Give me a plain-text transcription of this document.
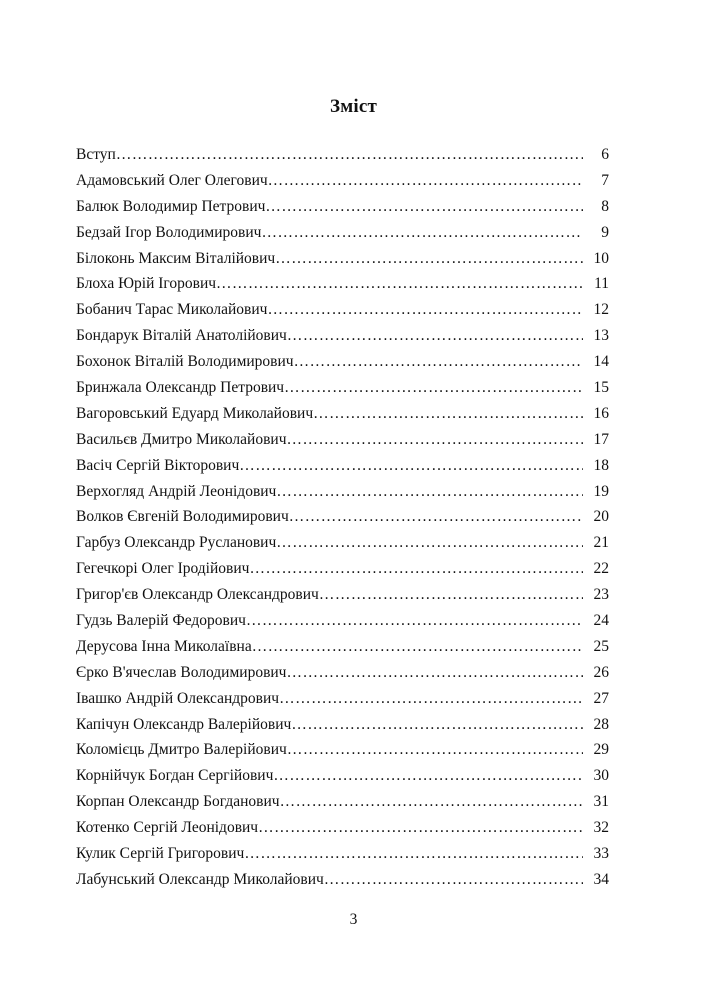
Зміст
Вступ …………………………………………………………………………………………………………………………	6
Адамовський Олег Олегович …………………………………………………………………………………………………………………………	7
Балюк Володимир Петрович …………………………………………………………………………………………………………………………	8
Бедзай Ігор Володимирович …………………………………………………………………………………………………………………………	9
Білоконь Максим Віталійович …………………………………………………………………………………………………………………………	10
Блоха Юрій Ігорович …………………………………………………………………………………………………………………………	11
Бобанич Тарас Миколайович …………………………………………………………………………………………………………………………	12
Бондарук Віталій Анатолійович …………………………………………………………………………………………………………………………	13
Бохонок Віталій Володимирович …………………………………………………………………………………………………………………………	14
Бринжала Олександр Петрович …………………………………………………………………………………………………………………………	15
Вагоровський Едуард Миколайович …………………………………………………………………………………………………………………………	16
Васильєв Дмитро Миколайович …………………………………………………………………………………………………………………………	17
Васіч Сергій Вікторович …………………………………………………………………………………………………………………………	18
Верхогляд Андрій Леонідович …………………………………………………………………………………………………………………………	19
Волков Євгеній Володимирович …………………………………………………………………………………………………………………………	20
Гарбуз Олександр Русланович …………………………………………………………………………………………………………………………	21
Гегечкорі Олег Іродійович …………………………………………………………………………………………………………………………	22
Григор'єв Олександр Олександрович …………………………………………………………………………………………………………………………	23
Гудзь Валерій Федорович …………………………………………………………………………………………………………………………	24
Дерусова Інна Миколаївна …………………………………………………………………………………………………………………………	25
Єрко В'ячеслав Володимирович …………………………………………………………………………………………………………………………	26
Івашко Андрій Олександрович …………………………………………………………………………………………………………………………	27
Капічун Олександр Валерійович …………………………………………………………………………………………………………………………	28
Коломієць Дмитро Валерійович …………………………………………………………………………………………………………………………	29
Корнійчук Богдан Сергійович …………………………………………………………………………………………………………………………	30
Корпан Олександр Богданович …………………………………………………………………………………………………………………………	31
Котенко Сергій Леонідович …………………………………………………………………………………………………………………………	32
Кулик Сергій Григорович …………………………………………………………………………………………………………………………	33
Лабунський Олександр Миколайович …………………………………………………………………………………………………………………………	34
3
